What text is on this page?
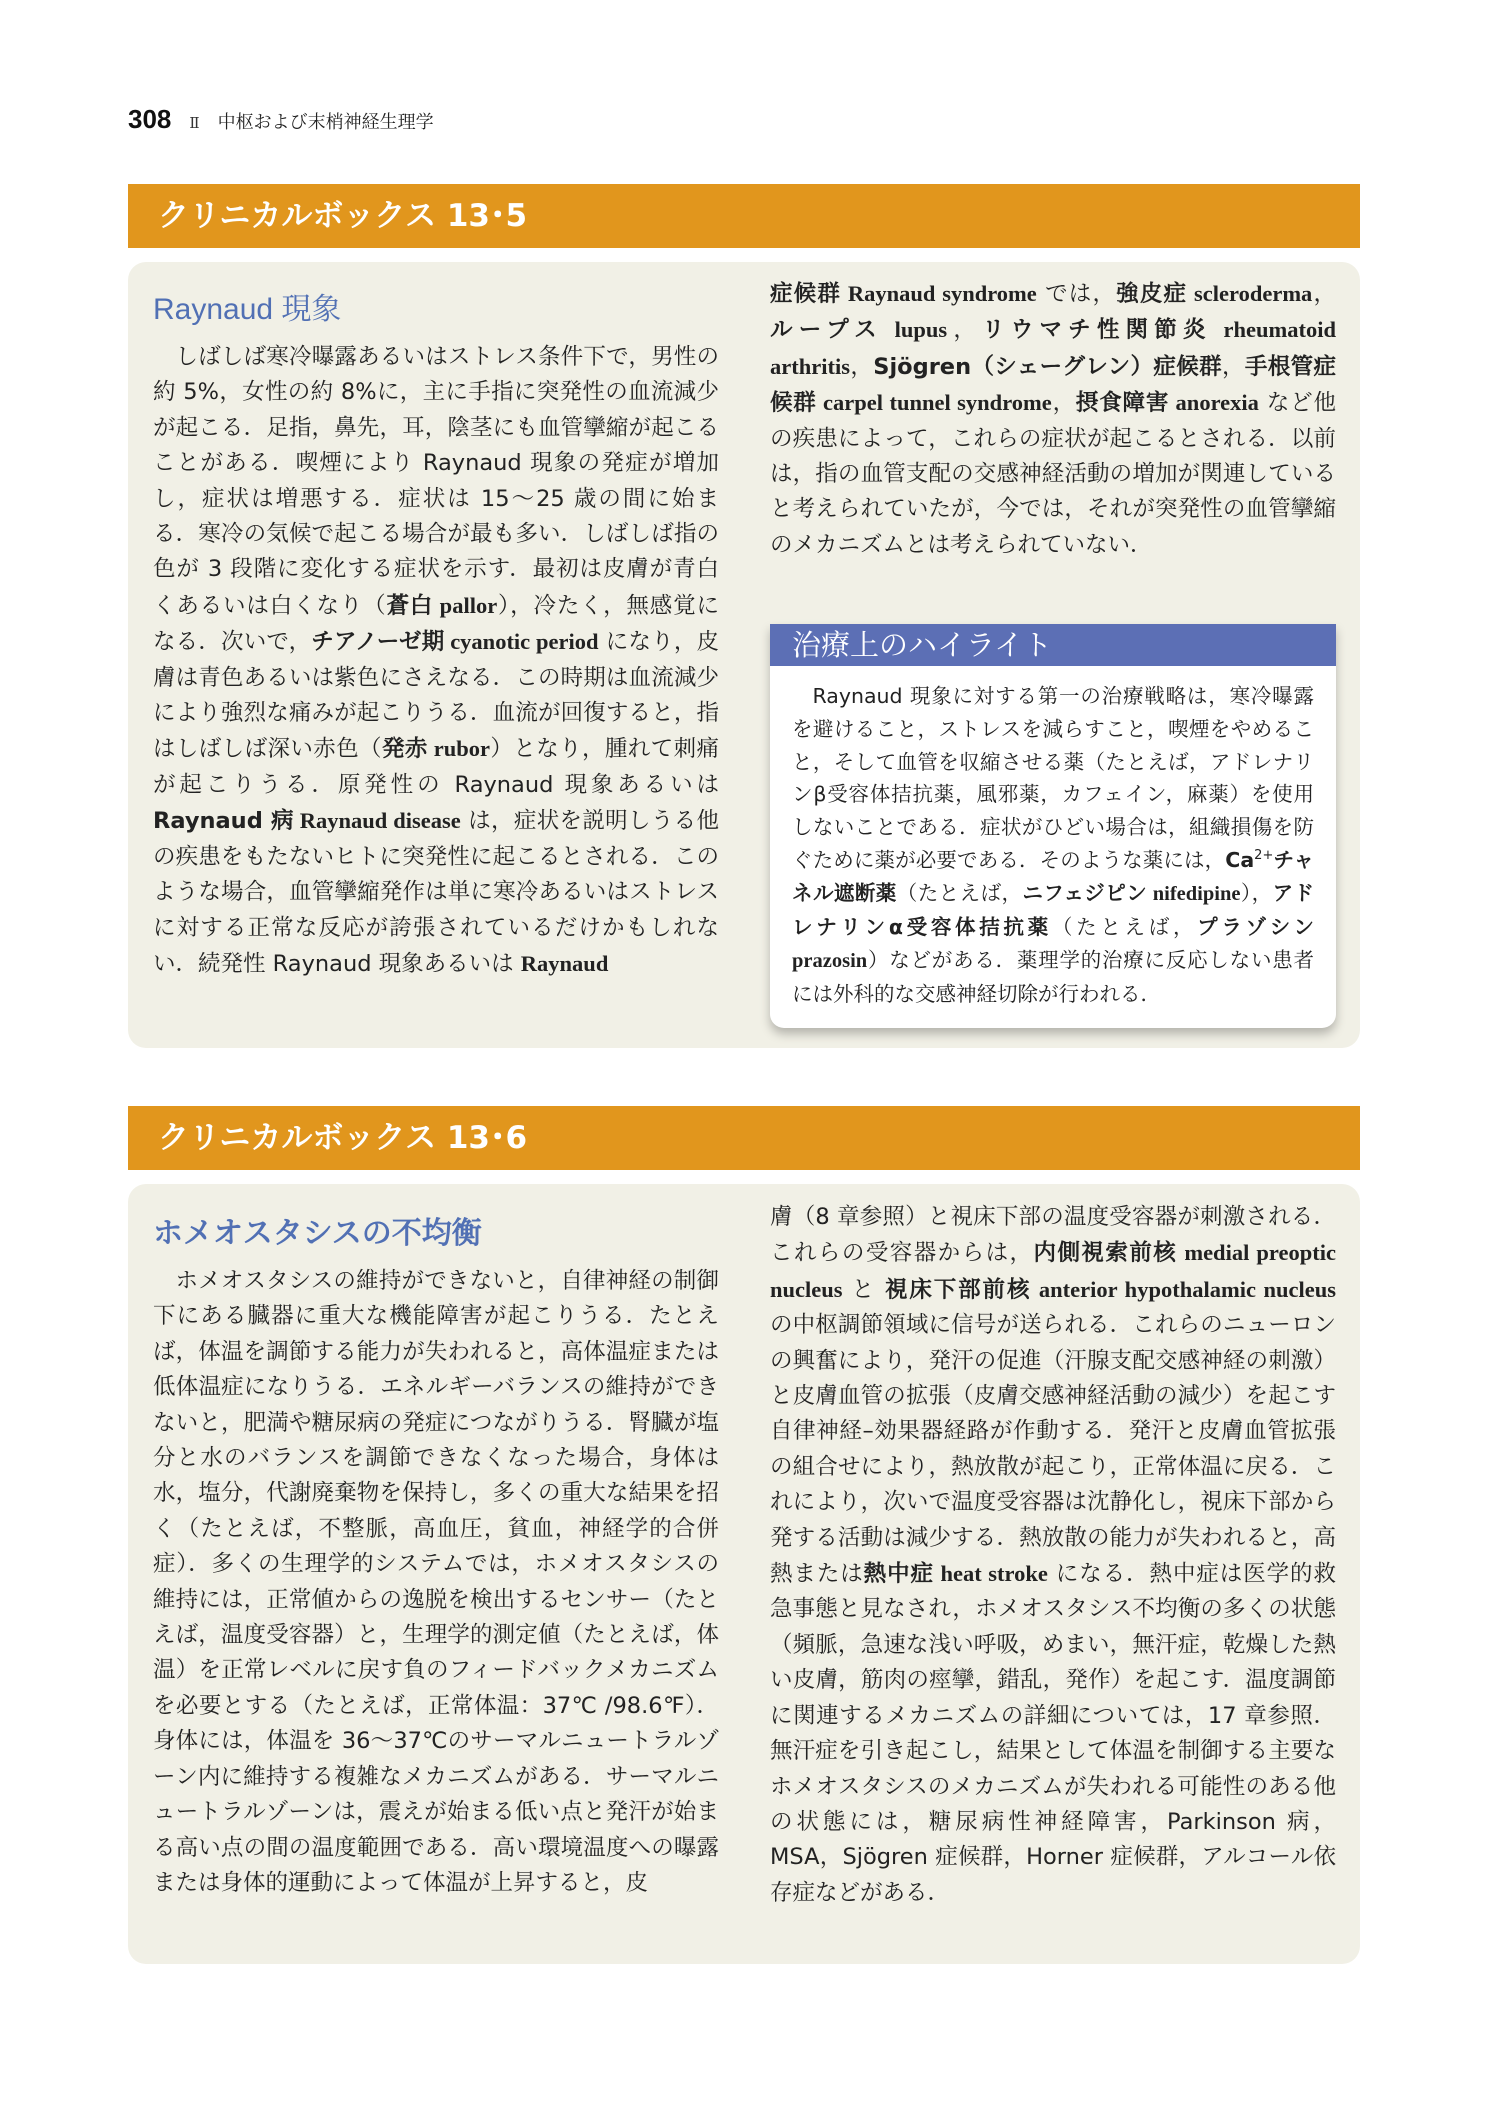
308 Ⅱ 中枢および末梢神経生理学
クリニカルボックス 13･5
Raynaud 現象

しばしば寒冷曝露あるいはストレス条件下で，男性の約 5%，女性の約 8%に，主に手指に突発性の血流減少が起こる．足指，鼻先，耳，陰茎にも血管攣縮が起こることがある．喫煙により Raynaud 現象の発症が増加し，症状は増悪する．症状は 15～25 歳の間に始まる．寒冷の気候で起こる場合が最も多い．しばしば指の色が 3 段階に変化する症状を示す．最初は皮膚が青白くあるいは白くなり（蒼白 pallor），冷たく，無感覚になる．次いで，チアノーゼ期 cyanotic period になり，皮膚は青色あるいは紫色にさえなる．この時期は血流減少により強烈な痛みが起こりうる．血流が回復すると，指はしばしば深い赤色（発赤 rubor）となり，腫れて刺痛が起こりうる．原発性の Raynaud 現象あるいは Raynaud 病 Raynaud disease は，症状を説明しうる他の疾患をもたないヒトに突発性に起こるとされる．このような場合，血管攣縮発作は単に寒冷あるいはストレスに対する正常な反応が誇張されているだけかもしれない．続発性 Raynaud 現象あるいは Raynaud

症候群 Raynaud syndrome では，強皮症 scleroderma，ループス lupus，リウマチ性関節炎 rheumatoid arthritis，Sjögren（シェーグレン）症候群，手根管症候群 carpel tunnel syndrome，摂食障害 anorexia など他の疾患によって，これらの症状が起こるとされる．以前は，指の血管支配の交感神経活動の増加が関連していると考えられていたが，今では，それが突発性の血管攣縮のメカニズムとは考えられていない．

治療上のハイライト

Raynaud 現象に対する第一の治療戦略は，寒冷曝露を避けること，ストレスを減らすこと，喫煙をやめること，そして血管を収縮させる薬（たとえば，アドレナリンβ受容体拮抗薬，風邪薬，カフェイン，麻薬）を使用しないことである．症状がひどい場合は，組織損傷を防ぐために薬が必要である．そのような薬には，$Ca^{2+}$チャネル遮断薬（たとえば，ニフェジピン nifedipine），アドレナリンα受容体拮抗薬（たとえば，プラゾシン prazosin）などがある．薬理学的治療に反応しない患者には外科的な交感神経切除が行われる．

クリニカルボックス 13･6
ホメオスタシスの不均衡

ホメオスタシスの維持ができないと，自律神経の制御下にある臓器に重大な機能障害が起こりうる．たとえば，体温を調節する能力が失われると，高体温症または低体温症になりうる．エネルギーバランスの維持ができないと，肥満や糖尿病の発症につながりうる．腎臓が塩分と水のバランスを調節できなくなった場合，身体は水，塩分，代謝廃棄物を保持し，多くの重大な結果を招く（たとえば，不整脈，高血圧，貧血，神経学的合併症）．多くの生理学的システムでは，ホメオスタシスの維持には，正常値からの逸脱を検出するセンサー（たとえば，温度受容器）と，生理学的測定値（たとえば，体温）を正常レベルに戻す負のフィードバックメカニズムを必要とする（たとえば，正常体温：37℃ /98.6℉）．身体には，体温を 36～37℃のサーマルニュートラルゾーン内に維持する複雑なメカニズムがある．サーマルニュートラルゾーンは，震えが始まる低い点と発汗が始まる高い点の間の温度範囲である．高い環境温度への曝露または身体的運動によって体温が上昇すると，皮

膚（8 章参照）と視床下部の温度受容器が刺激される．これらの受容器からは，内側視索前核 medial preoptic nucleus と 視床下部前核 anterior hypothalamic nucleus の中枢調節領域に信号が送られる．これらのニューロンの興奮により，発汗の促進（汗腺支配交感神経の刺激）と皮膚血管の拡張（皮膚交感神経活動の減少）を起こす自律神経–効果器経路が作動する．発汗と皮膚血管拡張の組合せにより，熱放散が起こり，正常体温に戻る．これにより，次いで温度受容器は沈静化し，視床下部から発する活動は減少する．熱放散の能力が失われると，高熱または熱中症 heat stroke になる．熱中症は医学的救急事態と見なされ，ホメオスタシス不均衡の多くの状態（頻脈，急速な浅い呼吸，めまい，無汗症，乾燥した熱い皮膚，筋肉の痙攣，錯乱，発作）を起こす．温度調節に関連するメカニズムの詳細については，17 章参照．無汗症を引き起こし，結果として体温を制御する主要なホメオスタシスのメカニズムが失われる可能性のある他の状態には，糖尿病性神経障害，Parkinson 病，MSA，Sjögren 症候群，Horner 症候群，アルコール依存症などがある．
